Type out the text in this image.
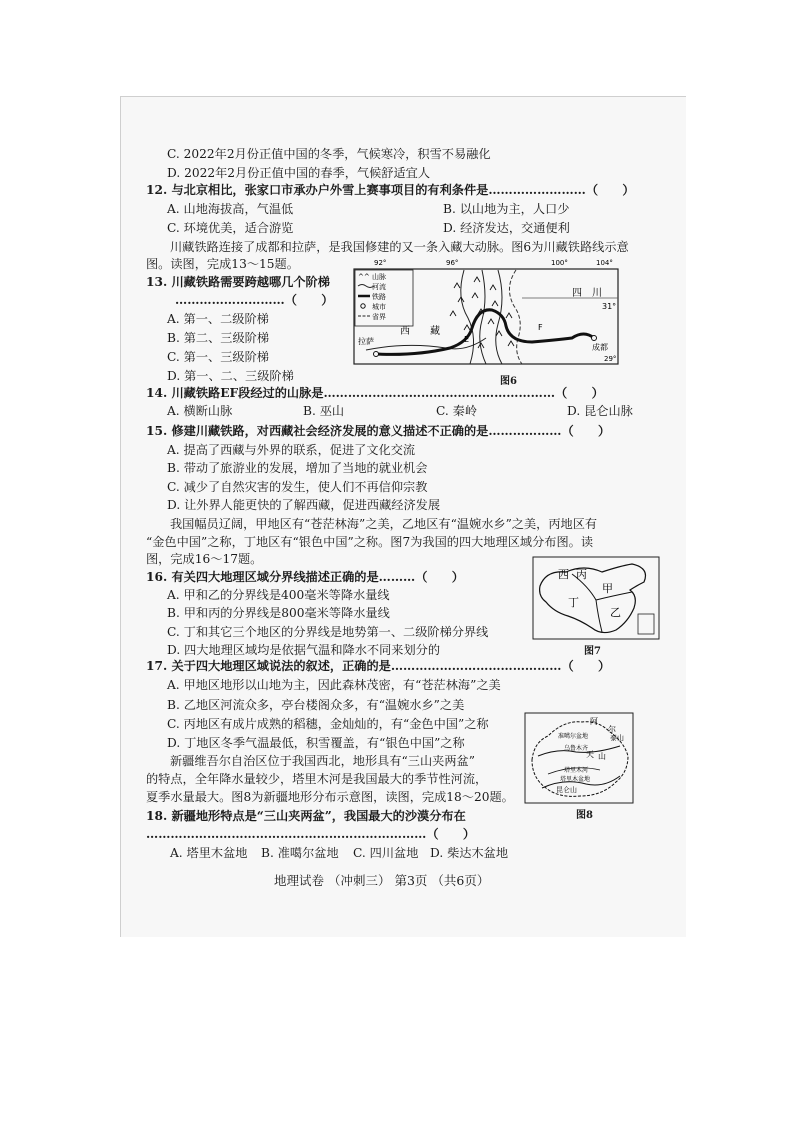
C. 2022年2月份正值中国的冬季，气候寒冷，积雪不易融化
D. 2022年2月份正值中国的春季，气候舒适宜人
12. 与北京相比，张家口市承办户外雪上赛事项目的有利条件是……………………（　　）
A. 山地海拔高，气温低	B. 以山地为主，人口少
C. 环境优美，适合游览	D. 经济发达，交通便利
川藏铁路连接了成都和拉萨，是我国修建的又一条入藏大动脉。图6为川藏铁路线示意
图。读图，完成13～15题。
13. 川藏铁路需要跨越哪几个阶梯
………………………（　　）
A. 第一、二级阶梯
B. 第二、三级阶梯
C. 第一、三级阶梯
D. 第一、二、三级阶梯
14. 川藏铁路EF段经过的山脉是…………………………………………………（　　）
A. 横断山脉	B. 巫山	C. 秦岭	D. 昆仑山脉
15. 修建川藏铁路，对西藏社会经济发展的意义描述不正确的是………………（　　）
A. 提高了西藏与外界的联系，促进了文化交流
B. 带动了旅游业的发展，增加了当地的就业机会
C. 减少了自然灾害的发生，使人们不再信仰宗教
D. 让外界人能更快的了解西藏，促进西藏经济发展
我国幅员辽阔，甲地区有“苍茫林海”之美，乙地区有“温婉水乡”之美，丙地区有
“金色中国”之称，丁地区有“银色中国”之称。图7为我国的四大地理区域分布图。读
图，完成16～17题。
16. 有关四大地理区域分界线描述正确的是………（　　）
A. 甲和乙的分界线是400毫米等降水量线
B. 甲和丙的分界线是800毫米等降水量线
C. 丁和其它三个地区的分界线是地势第一、二级阶梯分界线
D. 四大地理区域均是依据气温和降水不同来划分的
17. 关于四大地理区域说法的叙述，正确的是……………………………………（　　）
A. 甲地区地形以山地为主，因此森林茂密，有“苍茫林海”之美
B. 乙地区河流众多，亭台楼阁众多，有“温婉水乡”之美
C. 丙地区有成片成熟的稻穗，金灿灿的，有“金色中国”之称
D. 丁地区冬季气温最低，积雪覆盖，有“银色中国”之称
新疆维吾尔自治区位于我国西北，地形具有“三山夹两盆”
的特点，全年降水量较少，塔里木河是我国最大的季节性河流，
夏季水量最大。图8为新疆地形分布示意图，读图，完成18～20题。
18. 新疆地形特点是“三山夹两盆”，我国最大的沙漠分布在
……………………………………………………………（　　）
A. 塔里木盆地 B. 准噶尔盆地 C. 四川盆地 D. 柴达木盆地
地理试卷 （冲刺三） 第3页 （共6页）
92°	96°	100°	104°
^^ 山脉
河流
铁路
城市
省界
四 川
西 藏
31°
29°
E
F
拉萨
成都
图6
西 丙
丁
甲
乙
图7
阿
尔
准噶尔盆地
乌鲁木齐
天 山
泰山
塔里木河
塔里木盆地
昆仑山
图8
